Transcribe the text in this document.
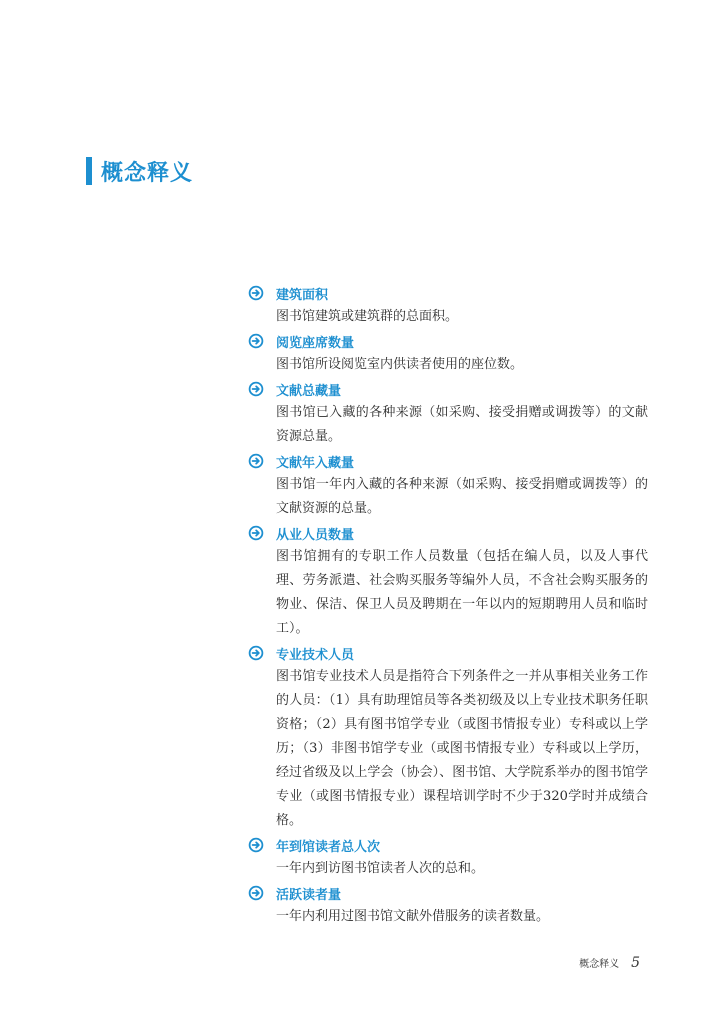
概念释义
建筑面积

图书馆建筑或建筑群的总面积。

阅览座席数量

图书馆所设阅览室内供读者使用的座位数。

文献总藏量

图书馆已入藏的各种来源（如采购、接受捐赠或调拨等）的文献资源总量。

文献年入藏量

图书馆一年内入藏的各种来源（如采购、接受捐赠或调拨等）的文献资源的总量。

从业人员数量

图书馆拥有的专职工作人员数量（包括在编人员，以及人事代理、劳务派遣、社会购买服务等编外人员，不含社会购买服务的物业、保洁、保卫人员及聘期在一年以内的短期聘用人员和临时工）。

专业技术人员

图书馆专业技术人员是指符合下列条件之一并从事相关业务工作的人员：（1）具有助理馆员等各类初级及以上专业技术职务任职资格；（2）具有图书馆学专业（或图书情报专业）专科或以上学历；（3）非图书馆学专业（或图书情报专业）专科或以上学历，经过省级及以上学会（协会）、图书馆、大学院系举办的图书馆学专业（或图书情报专业）课程培训学时不少于320学时并成绩合格。

年到馆读者总人次

一年内到访图书馆读者人次的总和。

活跃读者量

一年内利用过图书馆文献外借服务的读者数量。

概念释义 5
